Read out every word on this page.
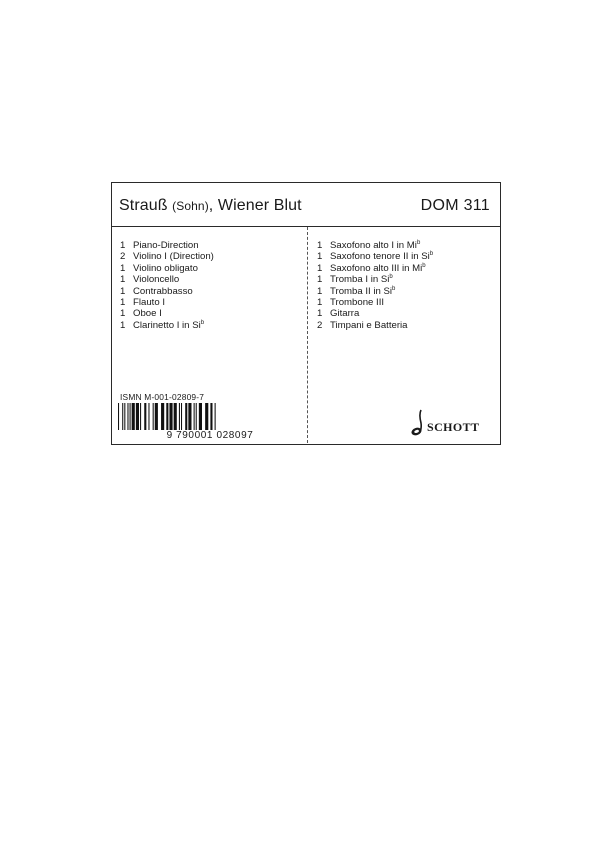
Strauß (Sohn), Wiener Blut	DOM 311
1 Piano-Direction
2 Violino I (Direction)
1 Violino obligato
1 Violoncello
1 Contrabbasso
1 Flauto I
1 Oboe I
1 Clarinetto I in Si$^b$
1 Saxofono alto I in Mi$^b$
1 Saxofono tenore II in Si$^b$
1 Saxofono alto III in Mi$^b$
1 Tromba I in Si$^b$
1 Tromba II in Si$^b$
1 Trombone III
1 Gitarra
2 Timpani e Batteria
ISMN M-001-02809-7
9 790001 028097
SCHOTT
